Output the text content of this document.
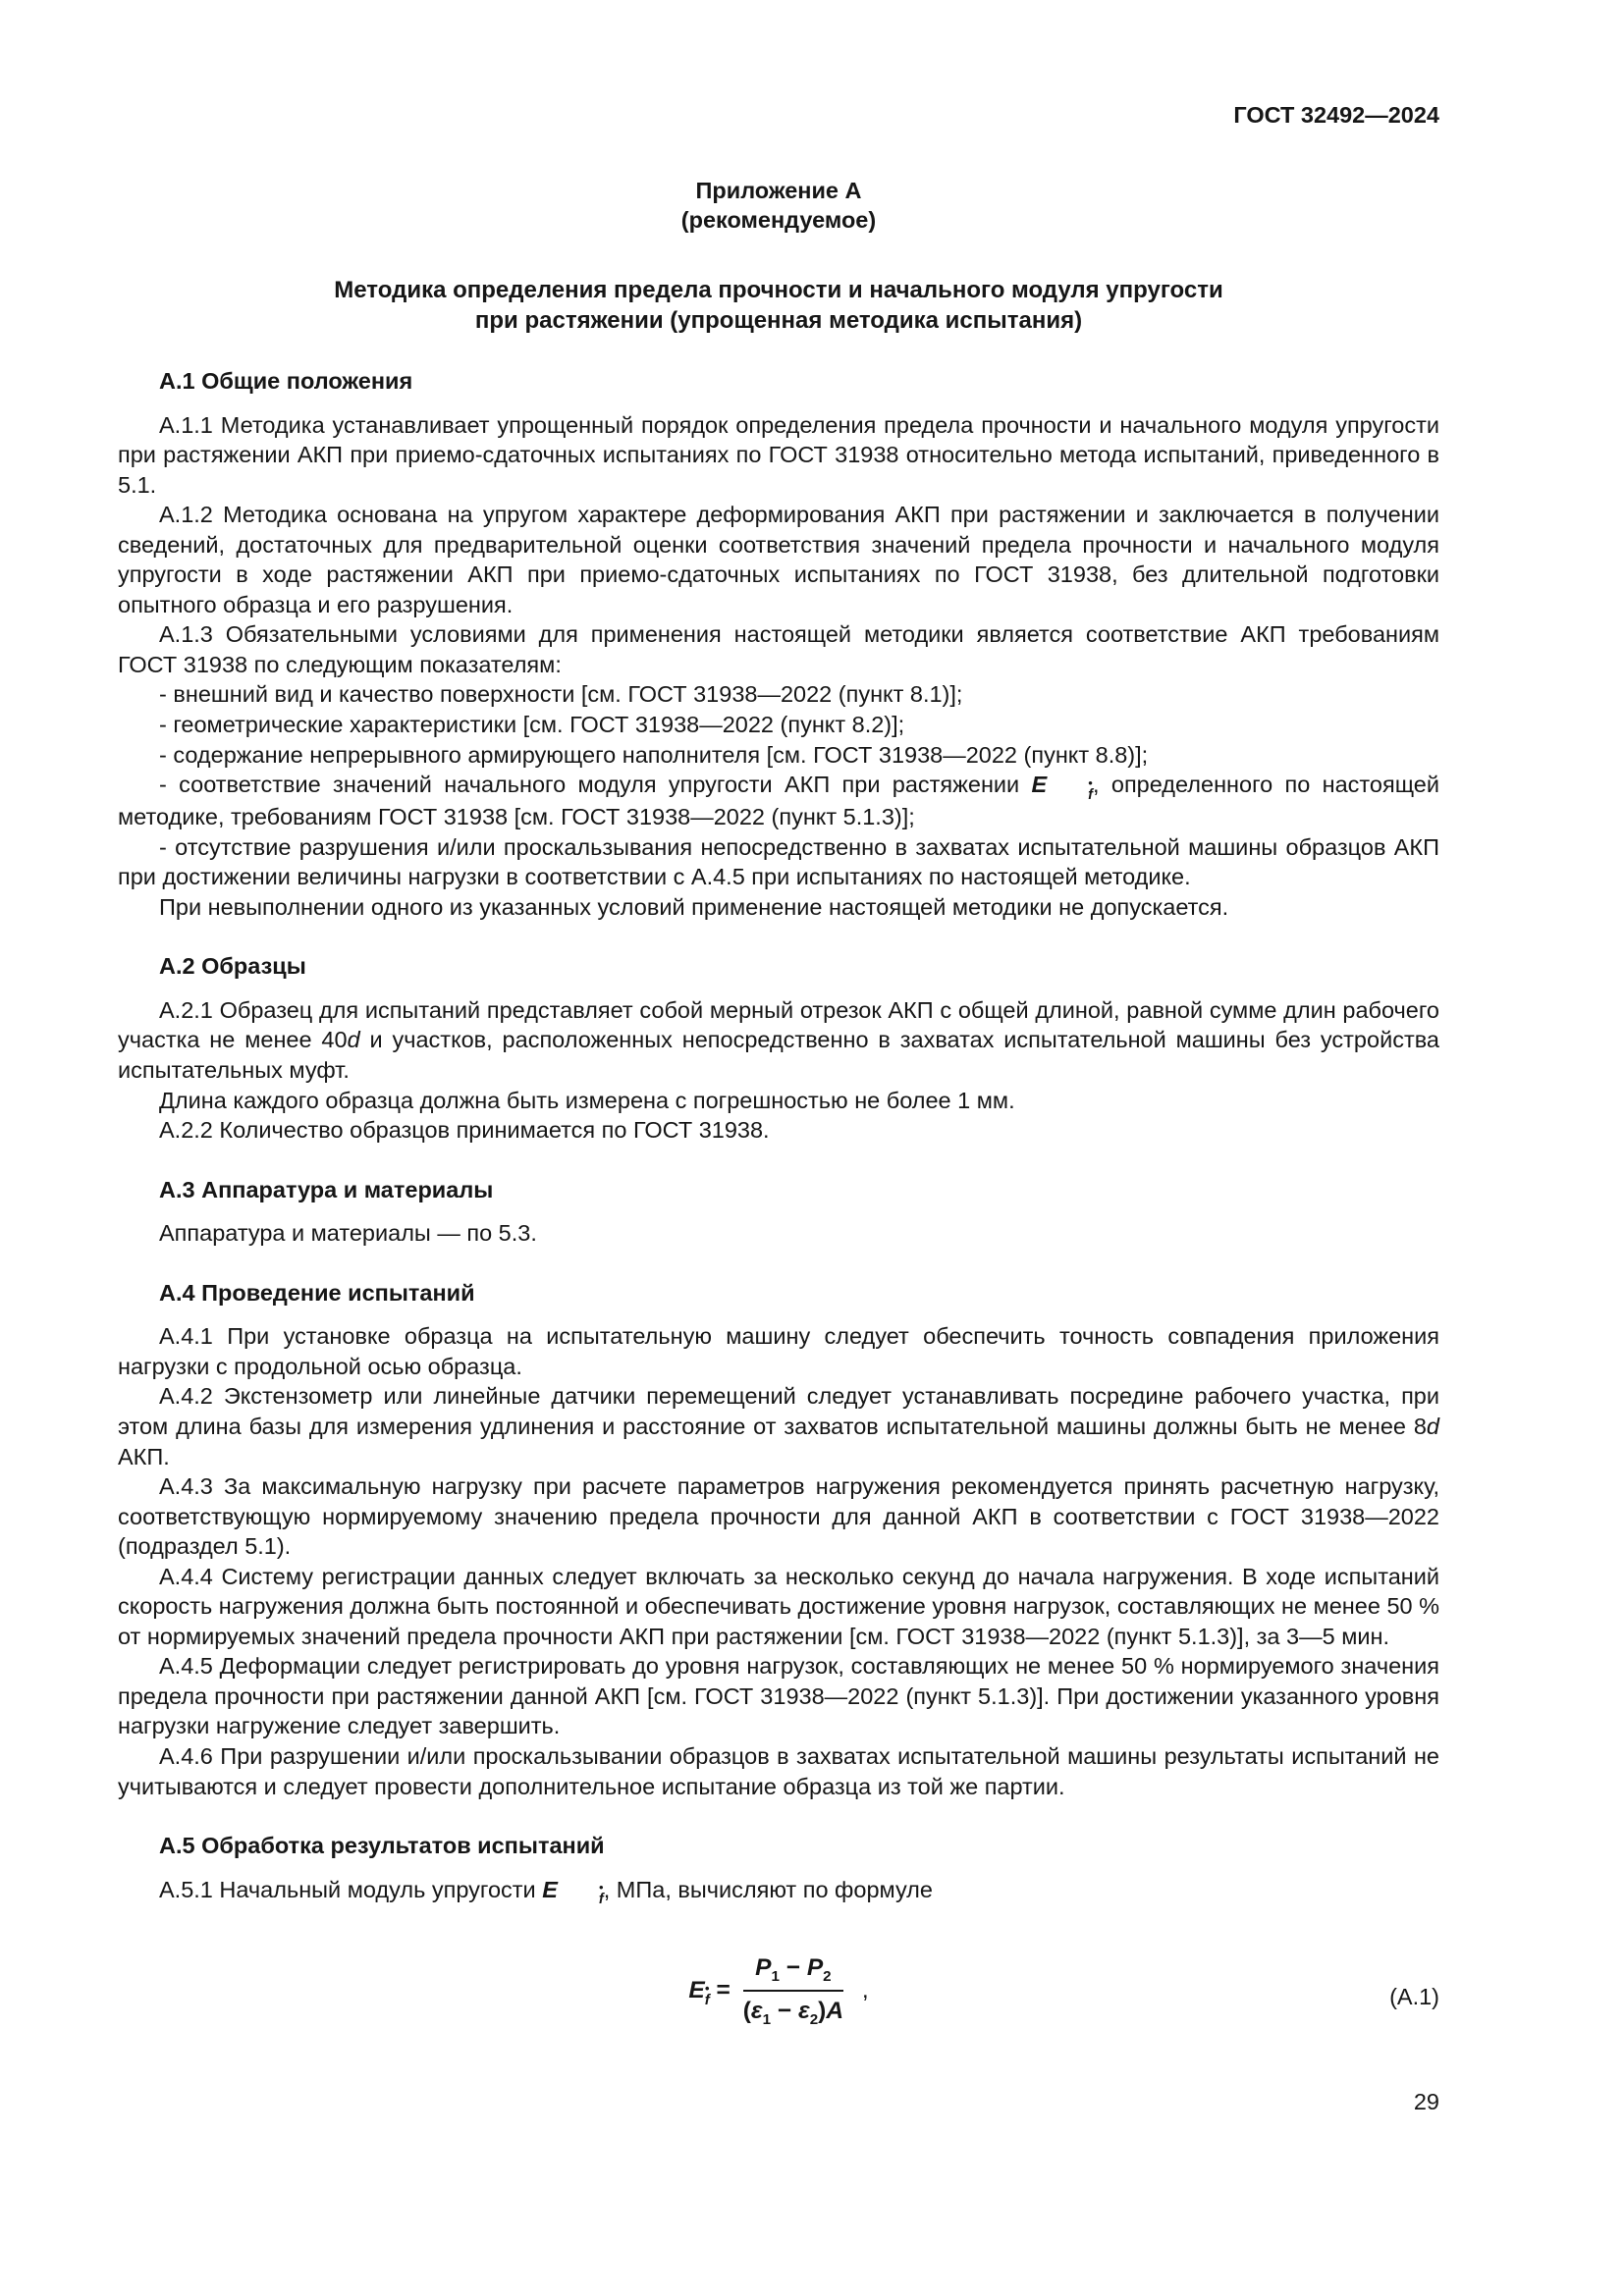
ГОСТ 32492—2024
Приложение А
(рекомендуемое)
Методика определения предела прочности и начального модуля упругости
при растяжении (упрощенная методика испытания)
А.1 Общие положения

А.1.1 Методика устанавливает упрощенный порядок определения предела прочности и начального модуля упругости при растяжении АКП при приемо-сдаточных испытаниях по ГОСТ 31938 относительно метода испытаний, приведенного в 5.1.

А.1.2 Методика основана на упругом характере деформирования АКП при растяжении и заключается в получении сведений, достаточных для предварительной оценки соответствия значений предела прочности и начального модуля упругости в ходе растяжении АКП при приемо-сдаточных испытаниях по ГОСТ 31938, без длительной подготовки опытного образца и его разрушения.

А.1.3 Обязательными условиями для применения настоящей методики является соответствие АКП требованиям ГОСТ 31938 по следующим показателям:

- внешний вид и качество поверхности [см. ГОСТ 31938—2022 (пункт 8.1)];

- геометрические характеристики [см. ГОСТ 31938—2022 (пункт 8.2)];

- содержание непрерывного армирующего наполнителя [см. ГОСТ 31938—2022 (пункт 8.8)];

- соответствие значений начального модуля упругости АКП при растяжении E	•
f , определенного по настоящей методике, требованиям ГОСТ 31938 [см. ГОСТ 31938—2022 (пункт 5.1.3)];

- отсутствие разрушения и/или проскальзывания непосредственно в захватах испытательной машины образцов АКП при достижении величины нагрузки в соответствии с А.4.5 при испытаниях по настоящей методике.

При невыполнении одного из указанных условий применение настоящей методики не допускается.

А.2 Образцы

А.2.1 Образец для испытаний представляет собой мерный отрезок АКП с общей длиной, равной сумме длин рабочего участка не менее 40d и участков, расположенных непосредственно в захватах испытательной машины без устройства испытательных муфт.

Длина каждого образца должна быть измерена с погрешностью не более 1 мм.

А.2.2 Количество образцов принимается по ГОСТ 31938.

А.3 Аппаратура и материалы

Аппаратура и материалы — по 5.3.

А.4 Проведение испытаний

А.4.1 При установке образца на испытательную машину следует обеспечить точность совпадения приложения нагрузки с продольной осью образца.

А.4.2 Экстензометр или линейные датчики перемещений следует устанавливать посредине рабочего участка, при этом длина базы для измерения удлинения и расстояние от захватов испытательной машины должны быть не менее 8d АКП.

А.4.3 За максимальную нагрузку при расчете параметров нагружения рекомендуется принять расчетную нагрузку, соответствующую нормируемому значению предела прочности для данной АКП в соответствии с ГОСТ 31938—2022 (подраздел 5.1).

А.4.4 Систему регистрации данных следует включать за несколько секунд до начала нагружения. В ходе испытаний скорость нагружения должна быть постоянной и обеспечивать достижение уровня нагрузок, составляющих не менее 50 % от нормируемых значений предела прочности АКП при растяжении [см. ГОСТ 31938—2022 (пункт 5.1.3)], за 3—5 мин.

А.4.5 Деформации следует регистрировать до уровня нагрузок, составляющих не менее 50 % нормируемого значения предела прочности при растяжении данной АКП [см. ГОСТ 31938—2022 (пункт 5.1.3)]. При достижении указанного уровня нагрузки нагружение следует завершить.

А.4.6 При разрушении и/или проскальзывании образцов в захватах испытательной машины результаты испытаний не учитываются и следует провести дополнительное испытание образца из той же партии.

А.5 Обработка результатов испытаний

А.5.1 Начальный модуль упругости E	•
f , МПа, вычисляют по формуле

E •
$f = \frac{P_1 - P_2}{(\varepsilon_1 - \varepsilon_2)A}$ ,	(А.1)
29
